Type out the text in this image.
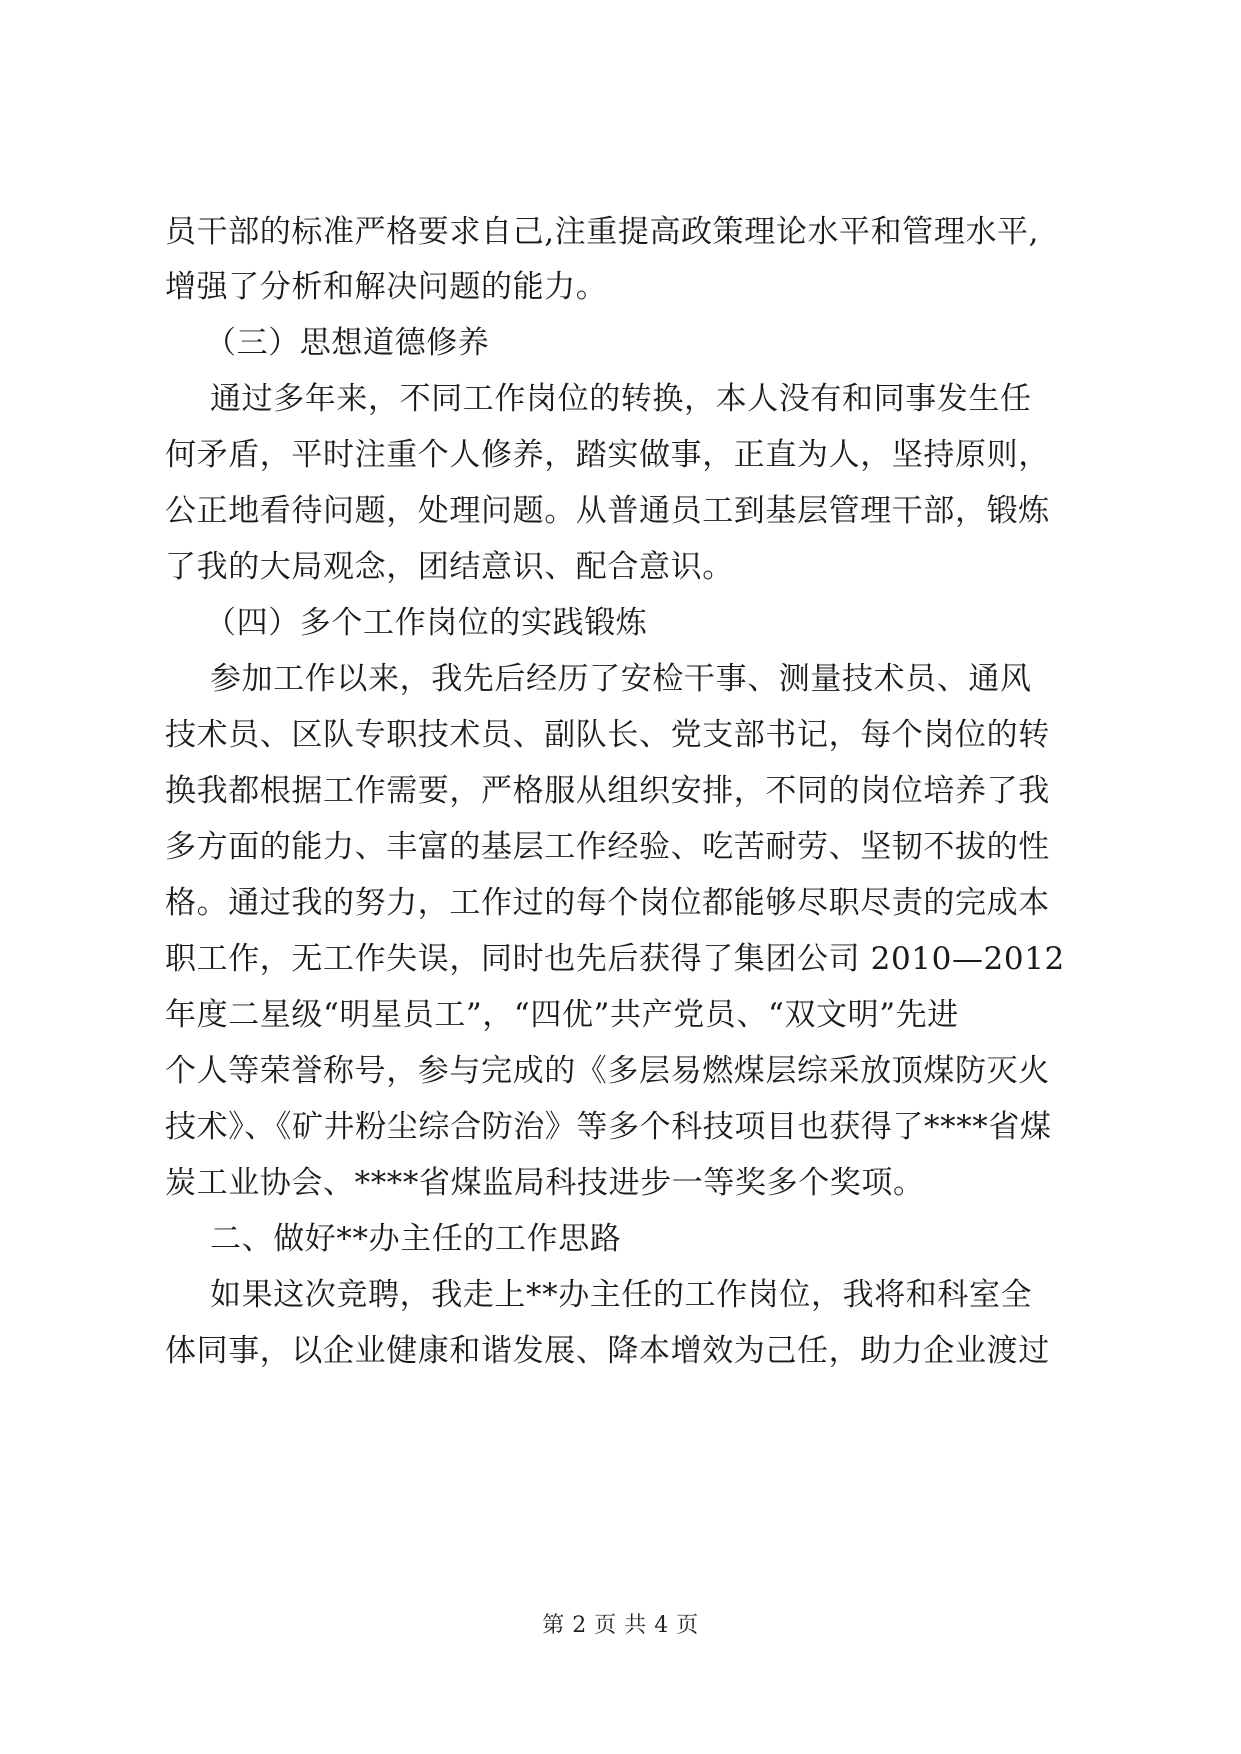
员干部的标准严格要求自己,注重提高政策理论水平和管理水平,
增强了分析和解决问题的能力。
（三）思想道德修养
通过多年来，不同工作岗位的转换，本人没有和同事发生任
何矛盾，平时注重个人修养，踏实做事，正直为人，坚持原则，
公正地看待问题，处理问题。从普通员工到基层管理干部，锻炼
了我的大局观念，团结意识、配合意识。
（四）多个工作岗位的实践锻炼
参加工作以来，我先后经历了安检干事、测量技术员、通风
技术员、区队专职技术员、副队长、党支部书记，每个岗位的转
换我都根据工作需要，严格服从组织安排，不同的岗位培养了我
多方面的能力、丰富的基层工作经验、吃苦耐劳、坚韧不拔的性
格。通过我的努力，工作过的每个岗位都能够尽职尽责的完成本
职工作，无工作失误，同时也先后获得了集团公司 2010—2012
年度二星级“明星员工”，“四优”共产党员、“双文明”先进
个人等荣誉称号，参与完成的《多层易燃煤层综采放顶煤防灭火
技术》、《矿井粉尘综合防治》等多个科技项目也获得了****省煤
炭工业协会、****省煤监局科技进步一等奖多个奖项。
二、做好**办主任的工作思路
如果这次竞聘，我走上**办主任的工作岗位，我将和科室全
体同事，以企业健康和谐发展、降本增效为己任，助力企业渡过
第 2 页 共 4 页
